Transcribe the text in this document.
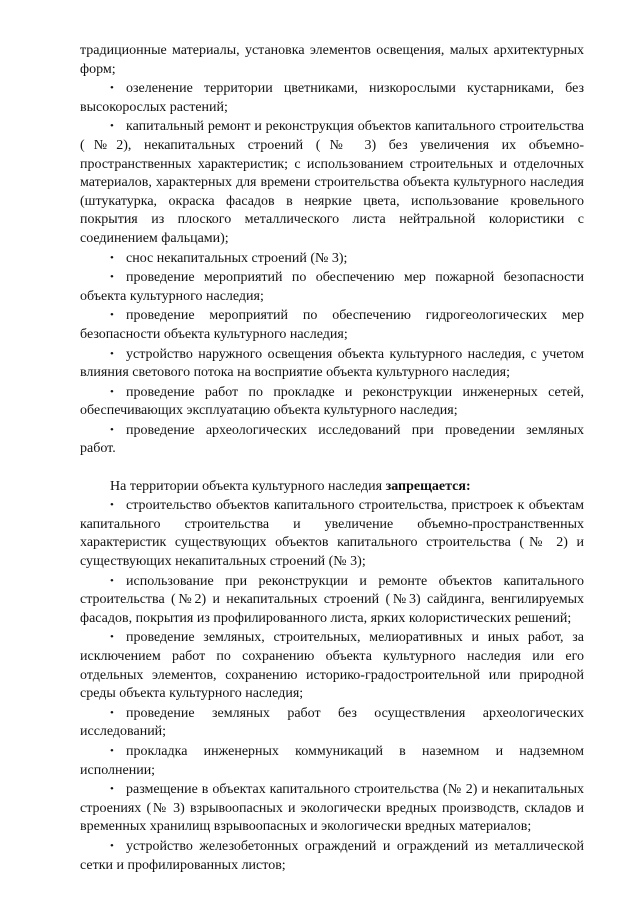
традиционные материалы, установка элементов освещения, малых архитектурных форм;

• озеленение территории цветниками, низкорослыми кустарниками, без высокорослых растений;

• капитальный ремонт и реконструкция объектов капитального строительства (№2), некапитальных строений (№ 3) без увеличения их объемно-пространственных характеристик; с использованием строительных и отделочных материалов, характерных для времени строительства объекта культурного наследия (штукатурка, окраска фасадов в неяркие цвета, использование кровельного покрытия из плоского металлического листа нейтральной колористики с соединением фальцами);

• снос некапитальных строений (№ 3);

• проведение мероприятий по обеспечению мер пожарной безопасности объекта культурного наследия;

• проведение мероприятий по обеспечению гидрогеологических мер безопасности объекта культурного наследия;

• устройство наружного освещения объекта культурного наследия, с учетом влияния светового потока на восприятие объекта культурного наследия;

• проведение работ по прокладке и реконструкции инженерных сетей, обеспечивающих эксплуатацию объекта культурного наследия;

• проведение археологических исследований при проведении земляных работ.

На территории объекта культурного наследия запрещается:

• строительство объектов капитального строительства, пристроек к объектам капитального строительства и увеличение объемно-пространственных характеристик существующих объектов капитального строительства (№ 2) и существующих некапитальных строений (№ 3);

• использование при реконструкции и ремонте объектов капитального строительства (№2) и некапитальных строений (№3) сайдинга, венгилируемых фасадов, покрытия из профилированного листа, ярких колористических решений;

• проведение земляных, строительных, мелиоративных и иных работ, за исключением работ по сохранению объекта культурного наследия или его отдельных элементов, сохранению историко-градостроительной или природной среды объекта культурного наследия;

• проведение земляных работ без осуществления археологических исследований;

• прокладка инженерных коммуникаций в наземном и надземном исполнении;

• размещение в объектах капитального строительства (№ 2) и некапитальных строениях (№ 3) взрывоопасных и экологически вредных производств, складов и временных хранилищ взрывоопасных и экологически вредных материалов;

• устройство железобетонных ограждений и ограждений из металлической сетки и профилированных листов;
